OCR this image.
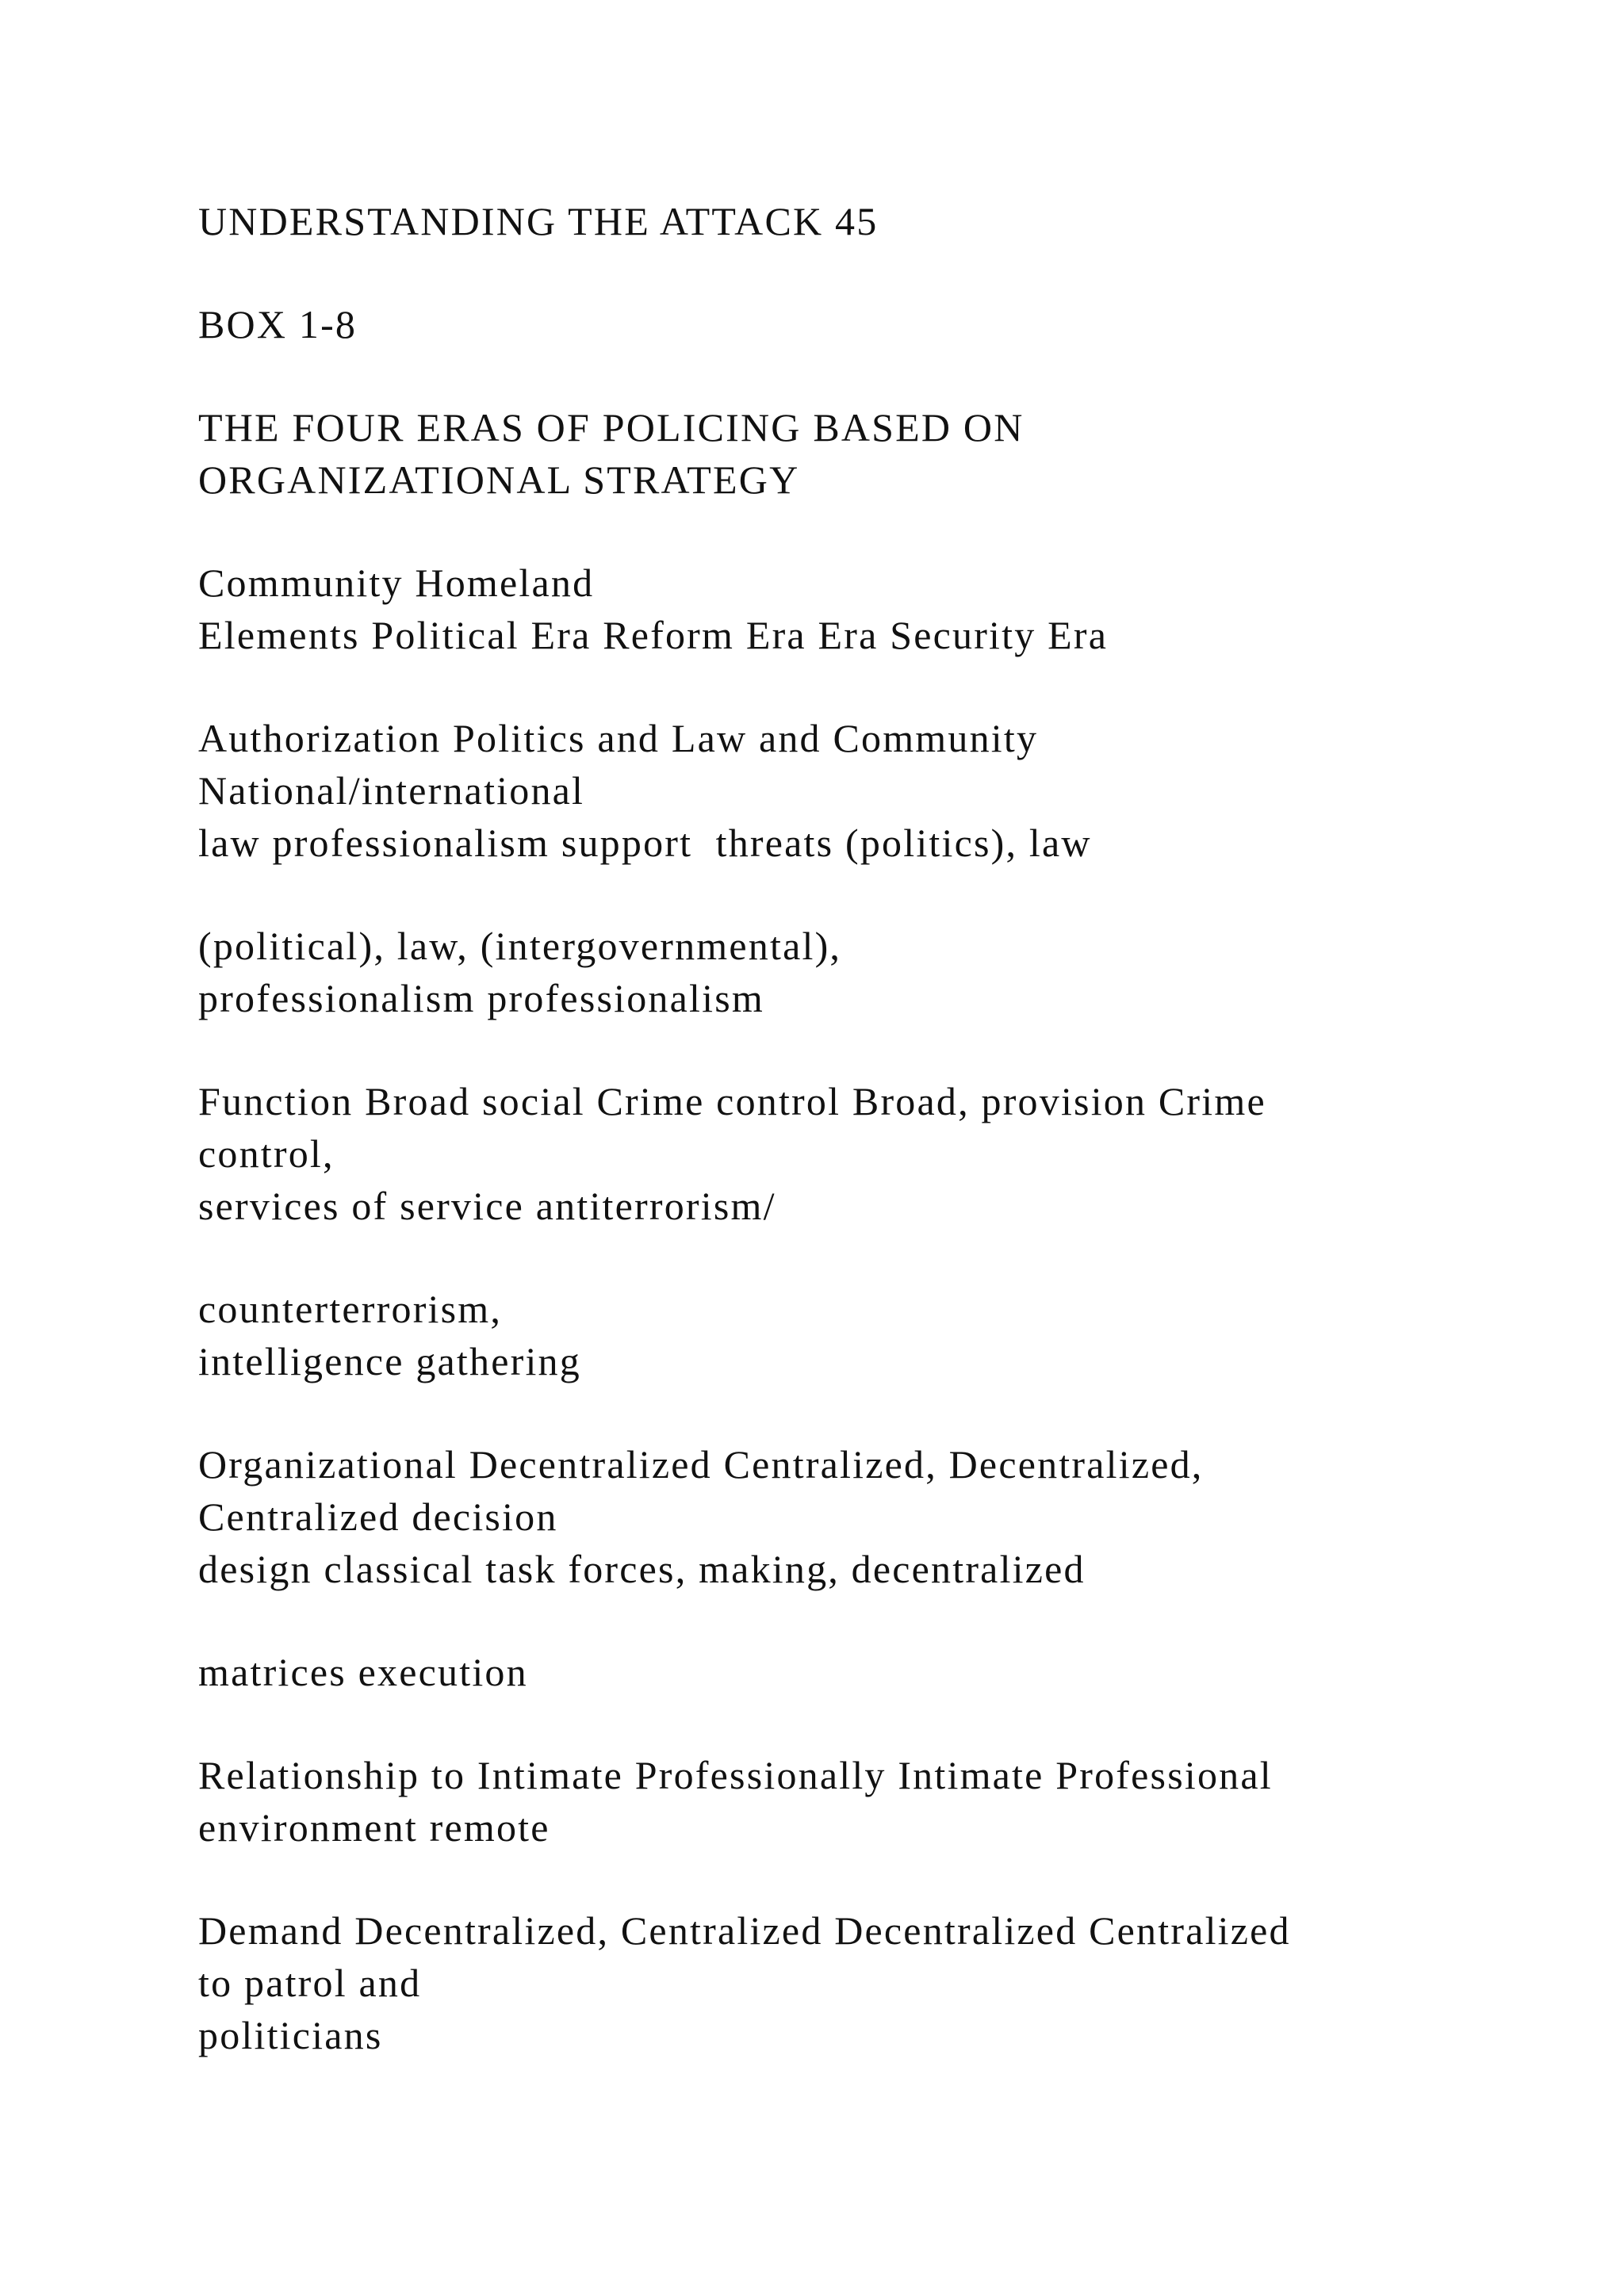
UNDERSTANDING THE ATTACK 45
BOX 1-8
THE FOUR ERAS OF POLICING BASED ON
ORGANIZATIONAL STRATEGY
Community Homeland
Elements Political Era Reform Era Era Security Era
Authorization Politics and Law and Community
National/international
law professionalism support  threats (politics), law
(political), law, (intergovernmental),
professionalism professionalism
Function Broad social Crime control Broad, provision Crime
control,
services of service antiterrorism/
counterterrorism,
intelligence gathering
Organizational Decentralized Centralized, Decentralized,
Centralized decision
design classical task forces, making, decentralized
matrices execution
Relationship to Intimate Professionally Intimate Professional
environment remote
Demand Decentralized, Centralized Decentralized Centralized
to patrol and
politicians
